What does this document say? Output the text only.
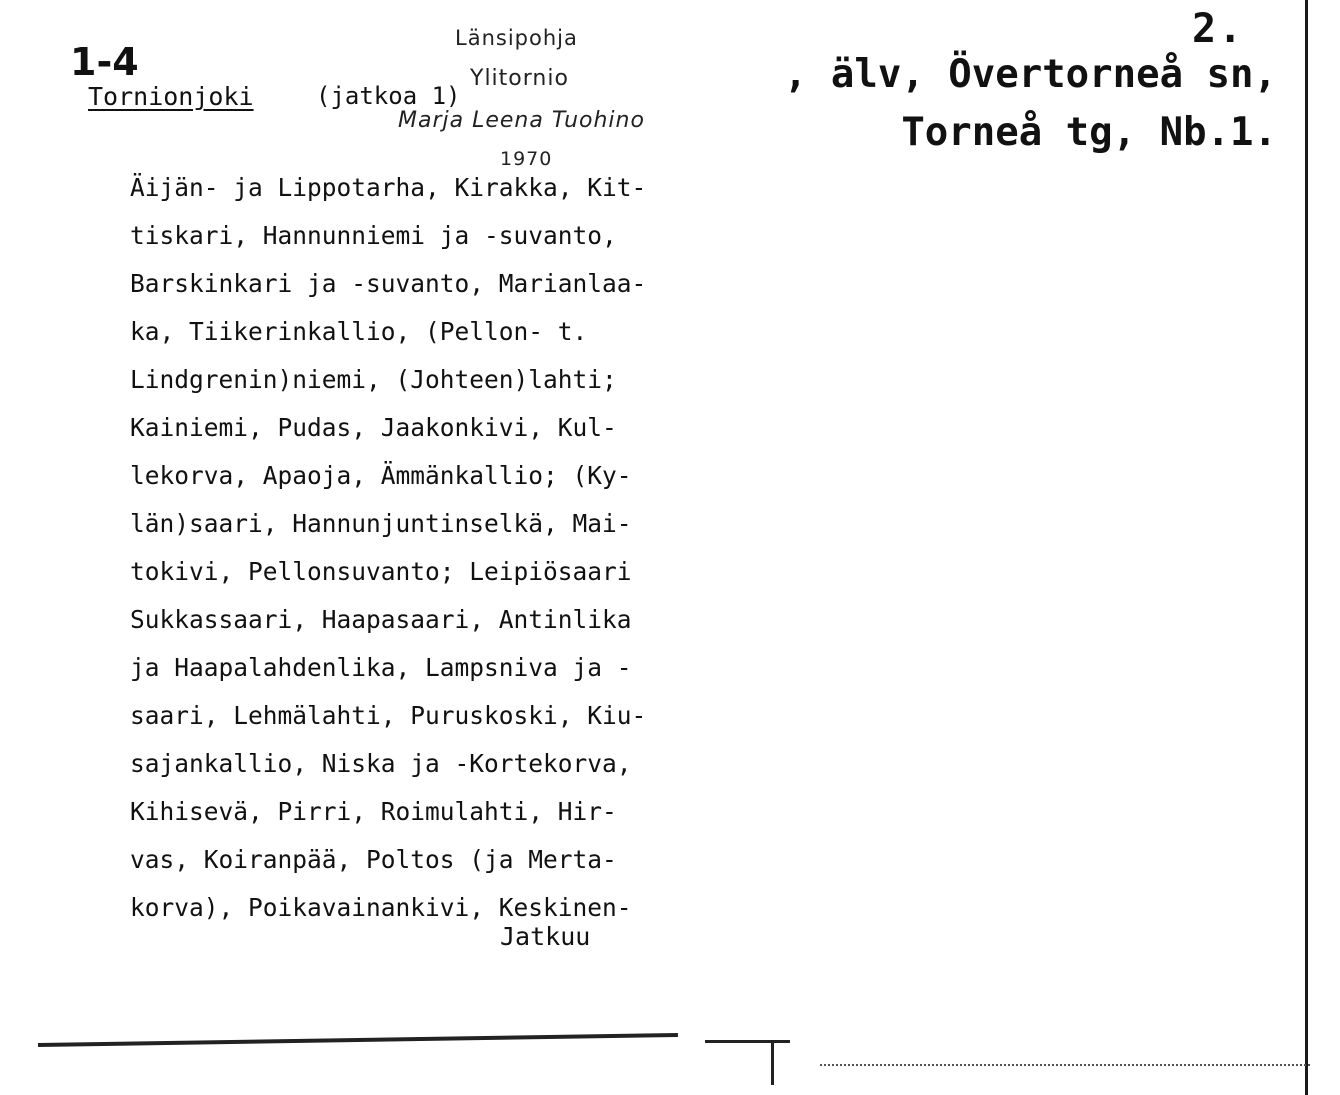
2.
1-4
Länsipohja
Ylitornio
Marja Leena Tuohino
1970
Tornionjoki	(jatkoa 1)	, älv, Övertorneå sn,
Torneå tg, Nb.1.
Äijän- ja Lippotarha, Kirakka, Kit-
tiskari, Hannunniemi ja -suvanto,
Barskinkari ja -suvanto, Marianlaa-
ka, Tiikerinkallio, (Pellon- t.
Lindgrenin)niemi, (Johteen)lahti;
Kainiemi, Pudas, Jaakonkivi, Kul-
lekorva, Apaoja, Ämmänkallio; (Ky-
län)saari, Hannunjuntinselkä, Mai-
tokivi, Pellonsuvanto; Leipiösaari
Sukkassaari, Haapasaari, Antinlika
ja Haapalahdenlika, Lampsniva ja -
saari, Lehmälahti, Puruskoski, Kiu-
sajankallio, Niska ja -Kortekorva,
Kihisevä, Pirri, Roimulahti, Hir-
vas, Koiranpää, Poltos (ja Merta-
korva), Poikavainankivi, Keskinen-
Jatkuu
